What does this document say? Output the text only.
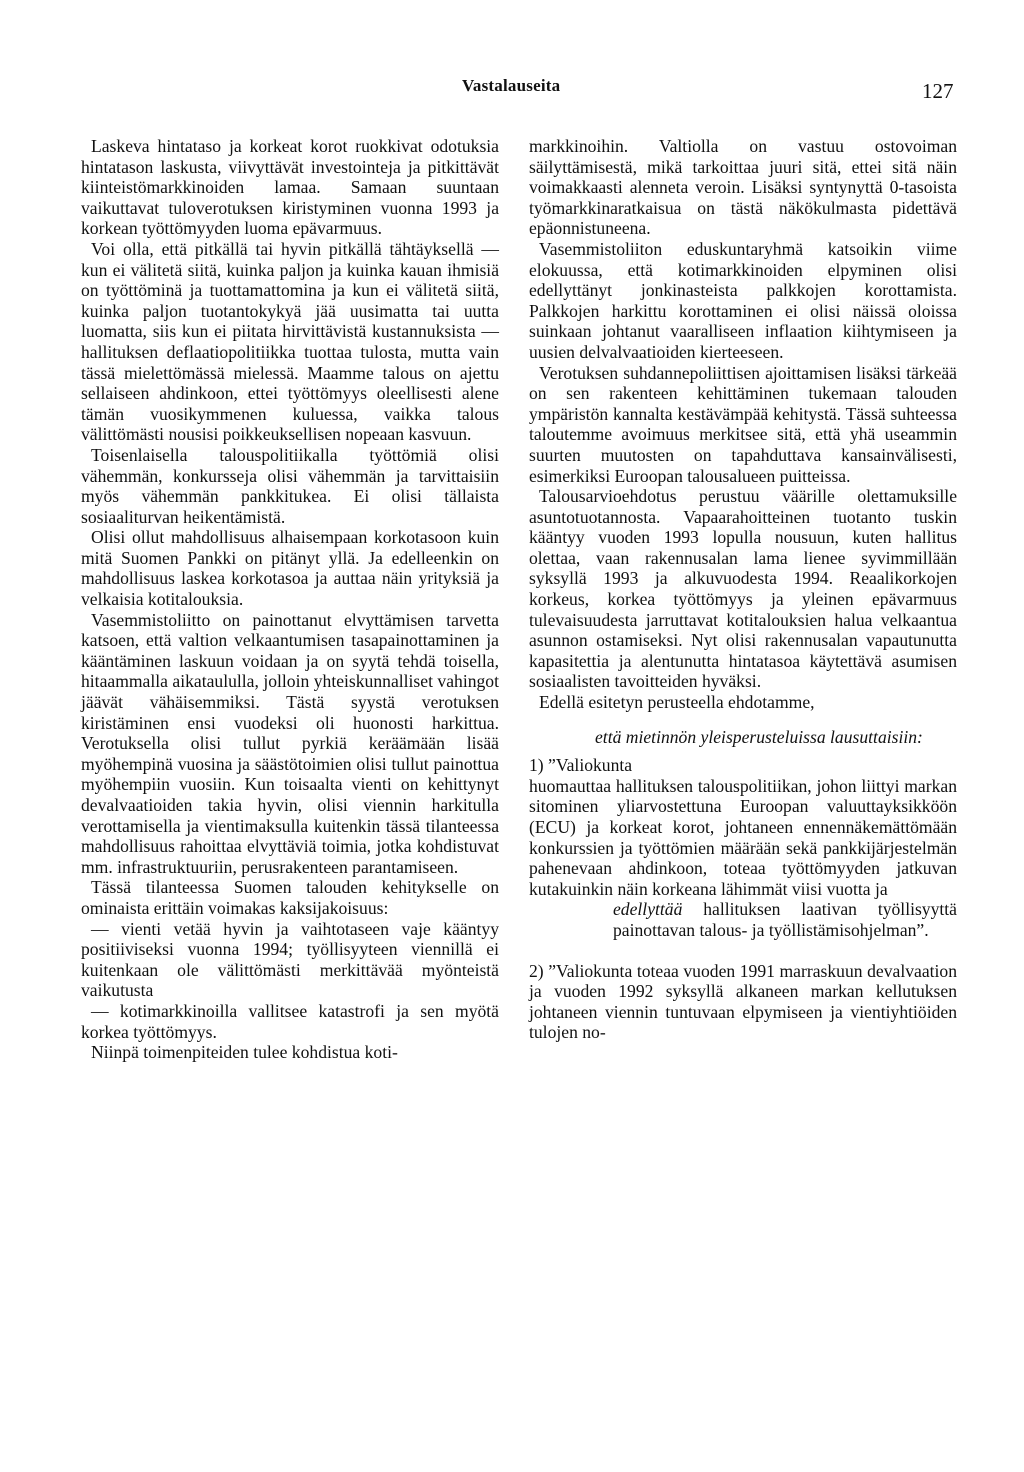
Vastalauseita	127

Laskeva hintataso ja korkeat korot ruokkivat odotuksia hintatason laskusta, viivyttävät investointeja ja pitkittävät kiinteistömarkkinoiden lamaa. Samaan suuntaan vaikuttavat tuloverotuksen kiristyminen vuonna 1993 ja korkean työttömyyden luoma epävarmuus.

Voi olla, että pitkällä tai hyvin pitkällä tähtäyksellä — kun ei välitetä siitä, kuinka paljon ja kuinka kauan ihmisiä on työttöminä ja tuottamattomina ja kun ei välitetä siitä, kuinka paljon tuotantokykyä jää uusimatta tai uutta luomatta, siis kun ei piitata hirvittävistä kustannuksista — hallituksen deflaatiopolitiikka tuottaa tulosta, mutta vain tässä mielettömässä mielessä. Maamme talous on ajettu sellaiseen ahdinkoon, ettei työttömyys oleellisesti alene tämän vuosikymmenen kuluessa, vaikka talous välittömästi nousisi poikkeuksellisen nopeaan kasvuun.

Toisenlaisella talouspolitiikalla työttömiä olisi vähemmän, konkursseja olisi vähemmän ja tarvittaisiin myös vähemmän pankkitukea. Ei olisi tällaista sosiaaliturvan heikentämistä.

Olisi ollut mahdollisuus alhaisempaan korkotasoon kuin mitä Suomen Pankki on pitänyt yllä. Ja edelleenkin on mahdollisuus laskea korkotasoa ja auttaa näin yrityksiä ja velkaisia kotitalouksia.

Vasemmistoliitto on painottanut elvyttämisen tarvetta katsoen, että valtion velkaantumisen tasapainottaminen ja kääntäminen laskuun voidaan ja on syytä tehdä toisella, hitaammalla aikataululla, jolloin yhteiskunnalliset vahingot jäävät vähäisemmiksi. Tästä syystä verotuksen kiristäminen ensi vuodeksi oli huonosti harkittua. Verotuksella olisi tullut pyrkiä keräämään lisää myöhempinä vuosina ja säästötoimien olisi tullut painottua myöhempiin vuosiin. Kun toisaalta vienti on kehittynyt devalvaatioiden takia hyvin, olisi viennin harkitulla verottamisella ja vientimaksulla kuitenkin tässä tilanteessa mahdollisuus rahoittaa elvyttäviä toimia, jotka kohdistuvat mm. infrastruktuuriin, perusrakenteen parantamiseen.

Tässä tilanteessa Suomen talouden kehitykselle on ominaista erittäin voimakas kaksijakoisuus:

— vienti vetää hyvin ja vaihtotaseen vaje kääntyy positiiviseksi vuonna 1994; työllisyyteen viennillä ei kuitenkaan ole välittömästi merkittävää myönteistä vaikutusta

— kotimarkkinoilla vallitsee katastrofi ja sen myötä korkea työttömyys.

Niinpä toimenpiteiden tulee kohdistua koti-

markkinoihin. Valtiolla on vastuu ostovoiman säilyttämisestä, mikä tarkoittaa juuri sitä, ettei sitä näin voimakkaasti alenneta veroin. Lisäksi syntynyttä 0-tasoista työmarkkinaratkaisua on tästä näkökulmasta pidettävä epäonnistuneena.

Vasemmistoliiton eduskuntaryhmä katsoikin viime elokuussa, että kotimarkkinoiden elpyminen olisi edellyttänyt jonkinasteista palkkojen korottamista. Palkkojen harkittu korottaminen ei olisi näissä oloissa suinkaan johtanut vaaralliseen inflaation kiihtymiseen ja uusien delvalvaatioiden kierteeseen.

Verotuksen suhdannepoliittisen ajoittamisen lisäksi tärkeää on sen rakenteen kehittäminen tukemaan talouden ympäristön kannalta kestävämpää kehitystä. Tässä suhteessa taloutemme avoimuus merkitsee sitä, että yhä useammin suurten muutosten on tapahduttava kansainvälisesti, esimerkiksi Euroopan talousalueen puitteissa.

Talousarvioehdotus perustuu väärille olettamuksille asuntotuotannosta. Vapaarahoitteinen tuotanto tuskin kääntyy vuoden 1993 lopulla nousuun, kuten hallitus olettaa, vaan rakennusalan lama lienee syvimmillään syksyllä 1993 ja alkuvuodesta 1994. Reaalikorkojen korkeus, korkea työttömyys ja yleinen epävarmuus tulevaisuudesta jarruttavat kotitalouksien halua velkaantua asunnon ostamiseksi. Nyt olisi rakennusalan vapautunutta kapasitettia ja alentunutta hintatasoa käytettävä asumisen sosiaalisten tavoitteiden hyväksi.

Edellä esitetyn perusteella ehdotamme,

että mietinnön yleisperusteluissa lausuttaisiin:

1) ”Valiokunta

huomauttaa hallituksen talouspolitiikan, johon liittyi markan sitominen yliarvostettuna Euroopan valuuttayksikköön (ECU) ja korkeat korot, johtaneen ennennäkemättömään konkurssien ja työttömien määrään sekä pankkijärjestelmän pahenevaan ahdinkoon, toteaa työttömyyden jatkuvan kutakuinkin näin korkeana lähimmät viisi vuotta ja

edellyttää hallituksen laativan työllisyyttä painottavan talous- ja työllistämisohjelman”.

2) ”Valiokunta toteaa vuoden 1991 marraskuun devalvaation ja vuoden 1992 syksyllä alkaneen markan kellutuksen johtaneen viennin tuntuvaan elpymiseen ja vientiyhtiöiden tulojen no-
